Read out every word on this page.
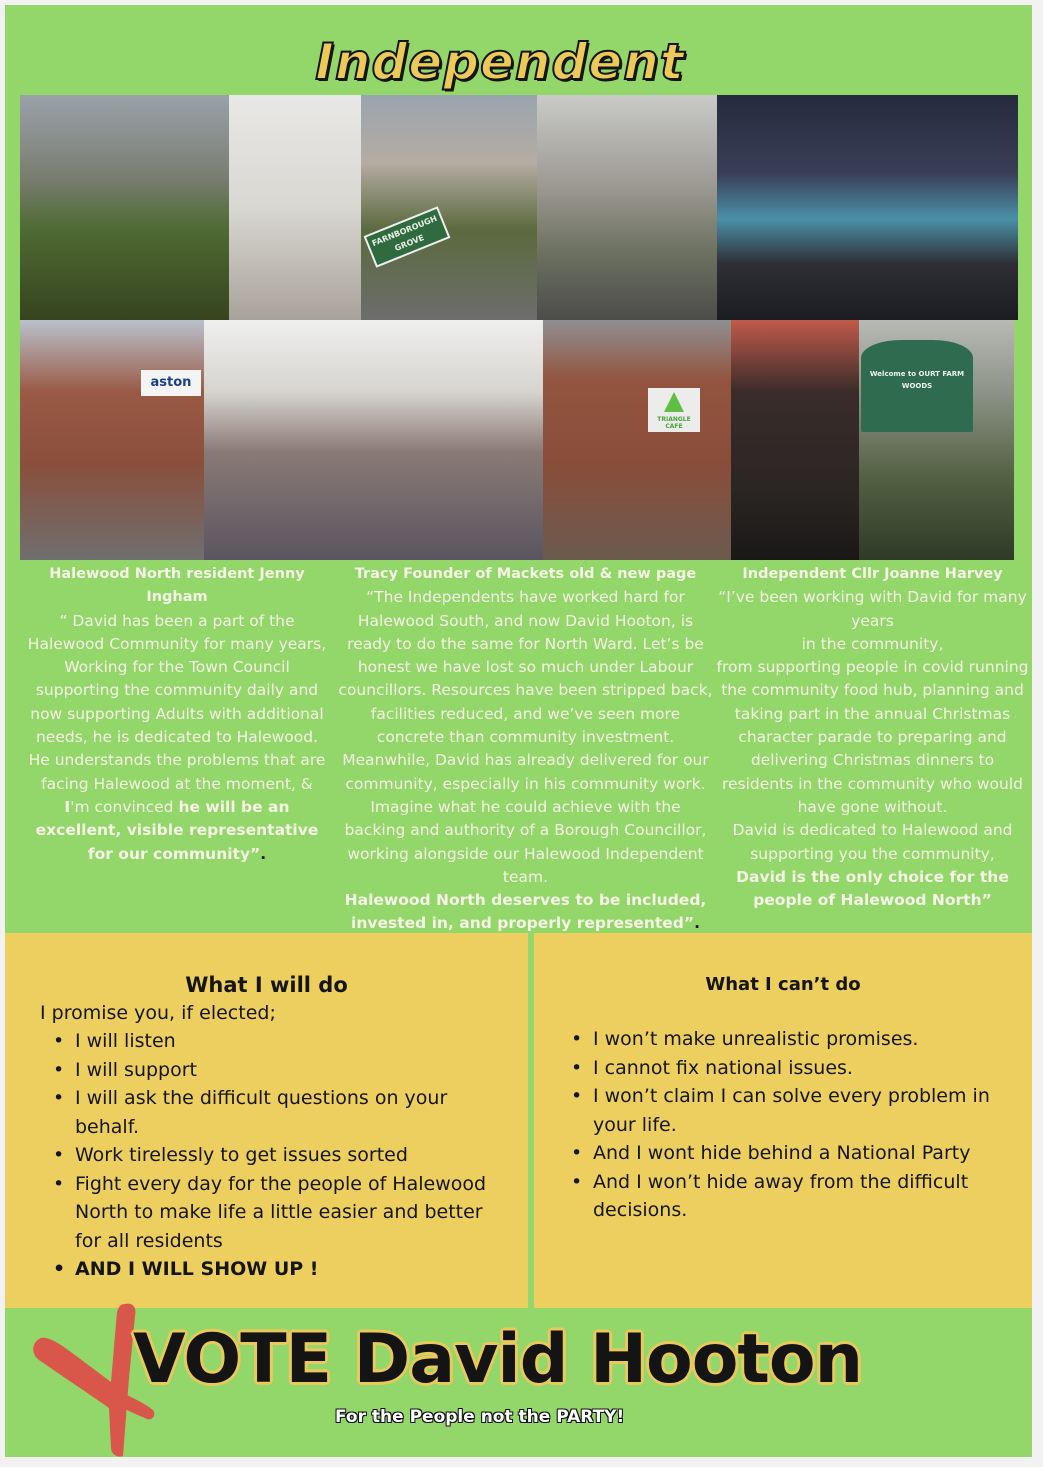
Independent
FARNBOROUGH GROVE
aston
TRIANGLE CAFE
Welcome to OURT FARM WOODS
Halewood North resident Jenny Ingham
“ David has been a part of the Halewood Community for many years, Working for the Town Council supporting the community daily and now supporting Adults with additional needs, he is dedicated to Halewood.
He understands the problems that are facing Halewood at the moment, & I'm convinced he will be an excellent, visible representative for our community”.
Tracy Founder of Mackets old & new page
“The Independents have worked hard for Halewood South, and now David Hooton, is ready to do the same for North Ward. Let’s be honest we have lost so much under Labour councillors. Resources have been stripped back, facilities reduced, and we’ve seen more concrete than community investment. Meanwhile, David has already delivered for our community, especially in his community work. Imagine what he could achieve with the backing and authority of a Borough Councillor, working alongside our Halewood Independent team.
Halewood North deserves to be included, invested in, and properly represented”.
Independent Cllr Joanne Harvey
“I’ve been working with David for many years
in the community,
from supporting people in covid running the community food hub, planning and taking part in the annual Christmas character parade to preparing and delivering Christmas dinners to residents in the community who would have gone without.
David is dedicated to Halewood and supporting you the community,
David is the only choice for the people of Halewood North”
What I will do
I promise you, if elected;
• I will listen
• I will support
• I will ask the difficult questions on your behalf.
• Work tirelessly to get issues sorted
• Fight every day for the people of Halewood North to make life a little easier and better for all residents
• AND I WILL SHOW UP !
What I can’t do
• I won’t make unrealistic promises.
• I cannot fix national issues.
• I won’t claim I can solve every problem in your life.
• And I wont hide behind a National Party
• And I won’t hide away from the difficult decisions.
VOTE David Hooton
For the People not the PARTY!
